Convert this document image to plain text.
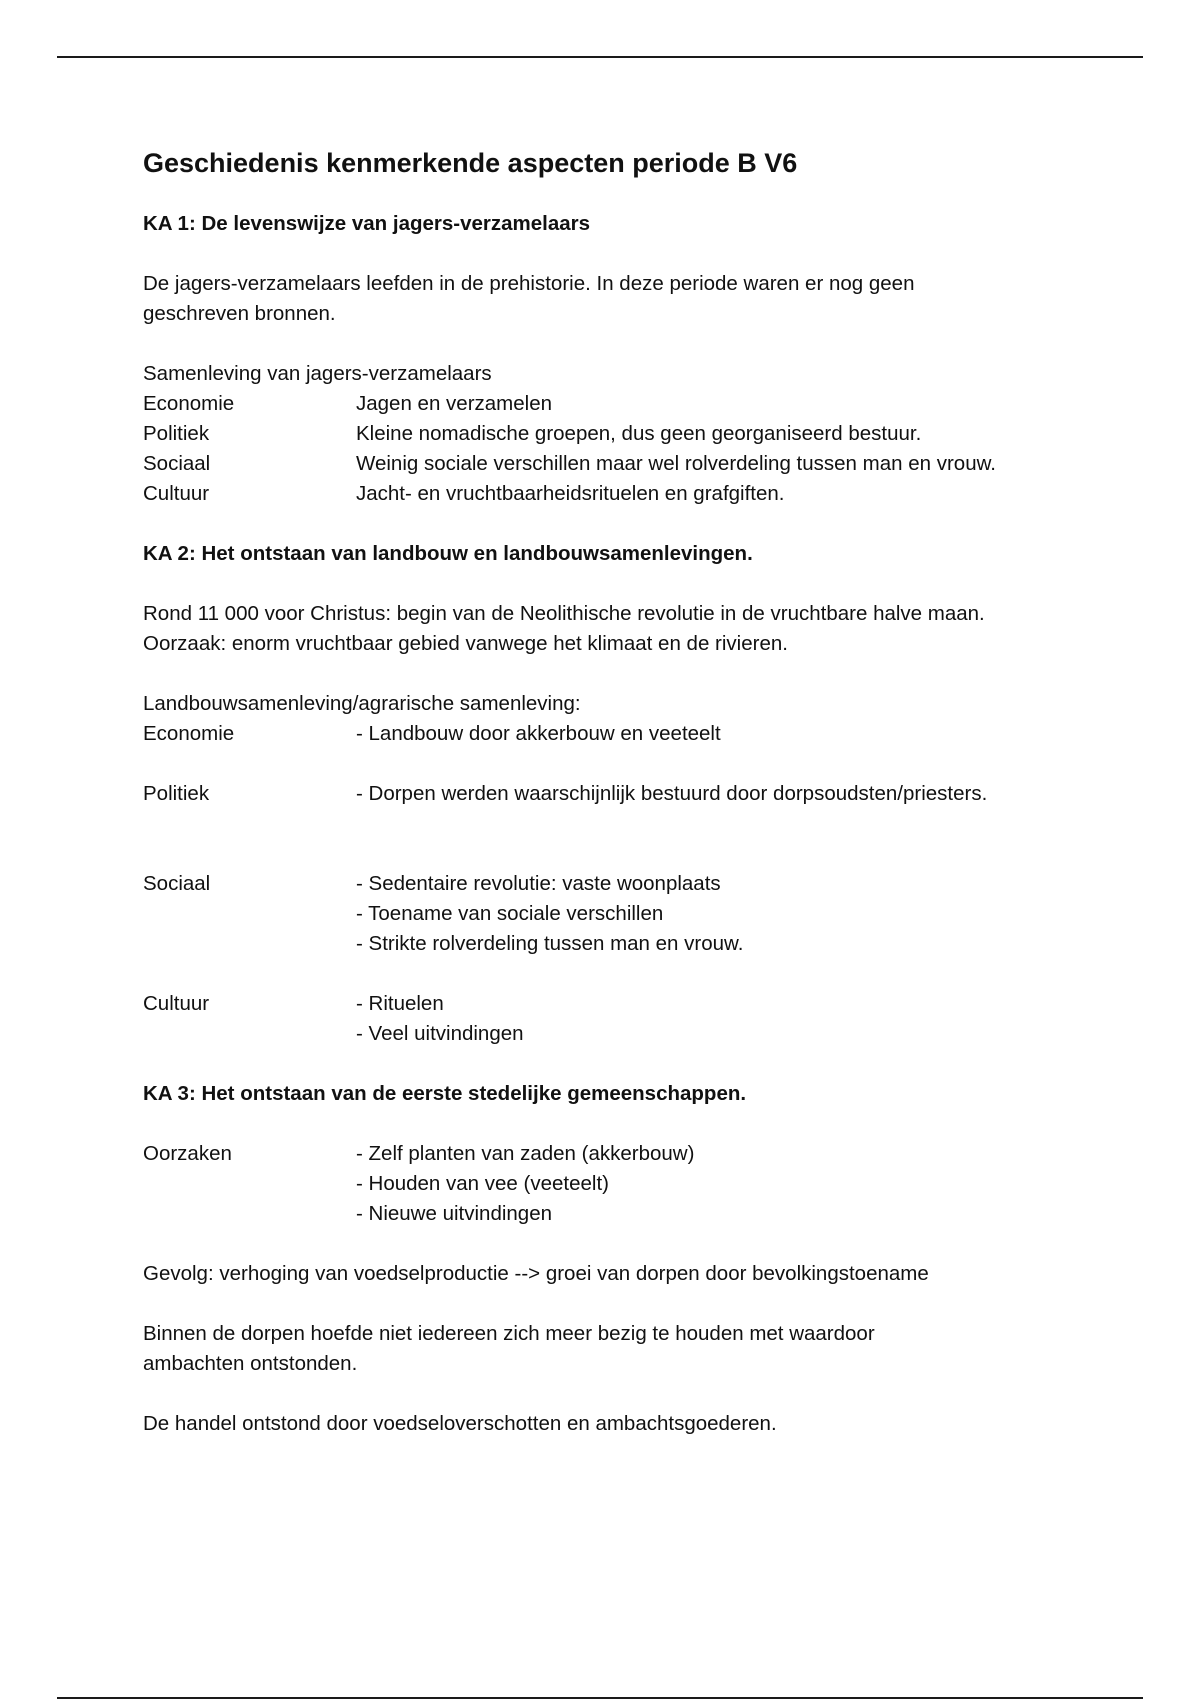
Geschiedenis kenmerkende aspecten periode B V6
KA 1: De levenswijze van jagers-verzamelaars

De jagers-verzamelaars leefden in de prehistorie. In deze periode waren er nog geen geschreven bronnen.

Samenleving van jagers-verzamelaars
Economie	Jagen en verzamelen
Politiek	Kleine nomadische groepen, dus geen georganiseerd bestuur.
Sociaal	Weinig sociale verschillen maar wel rolverdeling tussen man en vrouw.
Cultuur	Jacht- en vruchtbaarheidsrituelen en grafgiften.
KA 2: Het ontstaan van landbouw en landbouwsamenlevingen.

Rond 11 000 voor Christus: begin van de Neolithische revolutie in de vruchtbare halve maan.
Oorzaak: enorm vruchtbaar gebied vanwege het klimaat en de rivieren.

Landbouwsamenleving/agrarische samenleving:
Economie	- Landbouw door akkerbouw en veeteelt
Politiek	- Dorpen werden waarschijnlijk bestuurd door dorpsoudsten/priesters.
Sociaal	- Sedentaire revolutie: vaste woonplaats
- Toename van sociale verschillen
- Strikte rolverdeling tussen man en vrouw.
Cultuur	- Rituelen
- Veel uitvindingen
KA 3: Het ontstaan van de eerste stedelijke gemeenschappen.
Oorzaken	- Zelf planten van zaden (akkerbouw)
- Houden van vee (veeteelt)
- Nieuwe uitvindingen

Gevolg: verhoging van voedselproductie --> groei van dorpen door bevolkingstoename

Binnen de dorpen hoefde niet iedereen zich meer bezig te houden met waardoor ambachten ontstonden.

De handel ontstond door voedseloverschotten en ambachtsgoederen.
